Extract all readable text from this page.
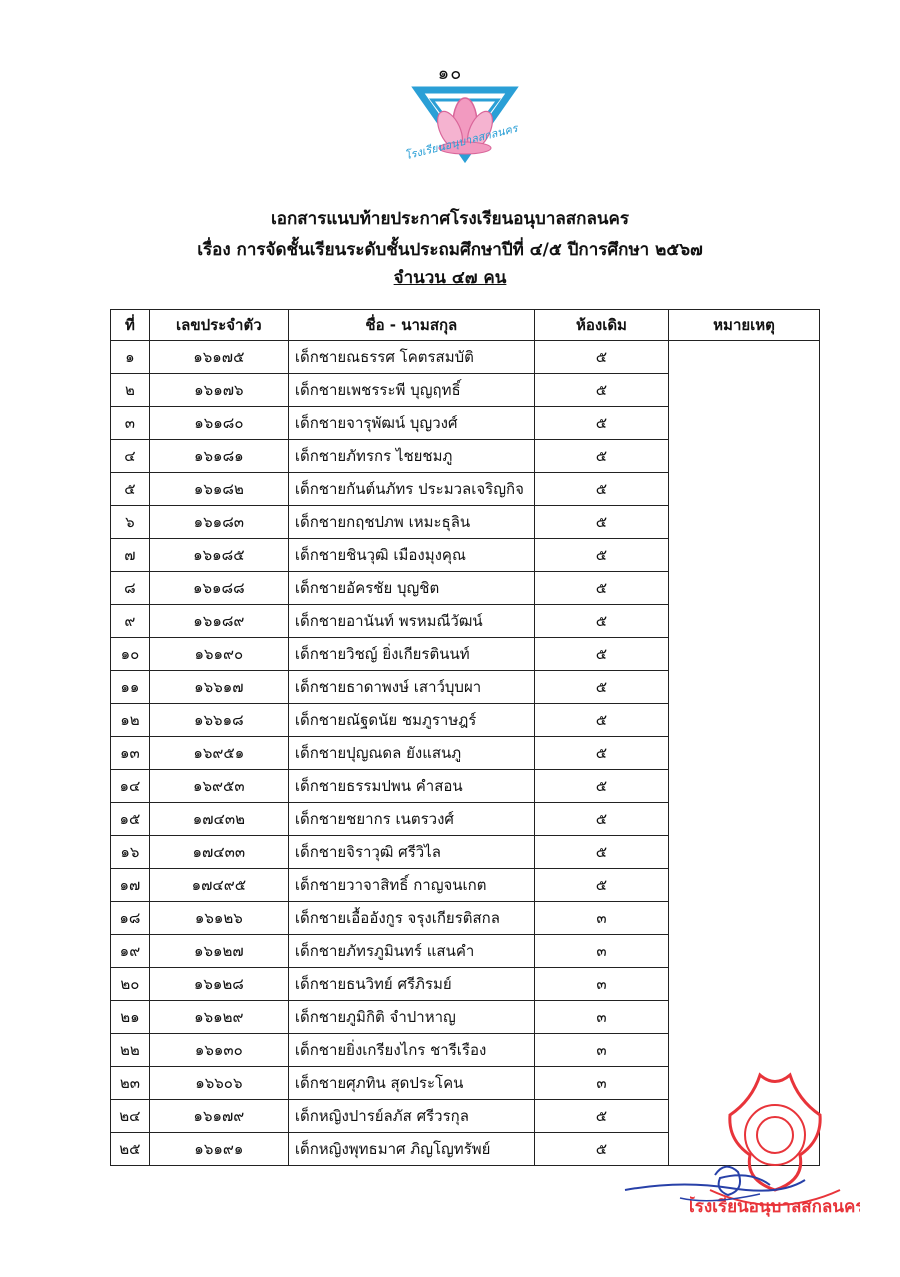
๑๐
โรงเรียนอนุบาลสกลนคร
เอกสารแนบท้ายประกาศโรงเรียนอนุบาลสกลนคร
เรื่อง การจัดชั้นเรียนระดับชั้นประถมศึกษาปีที่ ๔/๕ ปีการศึกษา ๒๕๖๗
จำนวน ๔๗ คน
ที่	เลขประจำตัว	ชื่อ - นามสกุล	ห้องเดิม	หมายเหตุ
๑	๑๖๑๗๕	เด็กชายณธรรศ โคตรสมบัติ	๕	
๒	๑๖๑๗๖	เด็กชายเพชรระพี บุญฤทธิ์	๕	
๓	๑๖๑๘๐	เด็กชายจารุพัฒน์ บุญวงศ์	๕	
๔	๑๖๑๘๑	เด็กชายภัทรกร ไชยชมภู	๕	
๕	๑๖๑๘๒	เด็กชายกันต์นภัทร ประมวลเจริญกิจ	๕	
๖	๑๖๑๘๓	เด็กชายกฤชปภพ เหมะธุลิน	๕	
๗	๑๖๑๘๕	เด็กชายชินวุฒิ เมืองมุงคุณ	๕	
๘	๑๖๑๘๘	เด็กชายอัครชัย บุญชิต	๕	
๙	๑๖๑๘๙	เด็กชายอานันท์ พรหมณีวัฒน์	๕	
๑๐	๑๖๑๙๐	เด็กชายวิชญ์ ยิ่งเกียรตินนท์	๕	
๑๑	๑๖๖๑๗	เด็กชายธาดาพงษ์ เสาว์บุบผา	๕	
๑๒	๑๖๖๑๘	เด็กชายณัฐดนัย ชมภูราษฎร์	๕	
๑๓	๑๖๙๕๑	เด็กชายปุญณดล ยังแสนภู	๕	
๑๔	๑๖๙๕๓	เด็กชายธรรมปพน คำสอน	๕	
๑๕	๑๗๔๓๒	เด็กชายชยากร เนตรวงศ์	๕	
๑๖	๑๗๔๓๓	เด็กชายจิราวุฒิ ศรีวิไล	๕	
๑๗	๑๗๔๙๕	เด็กชายวาจาสิทธิ์ กาญจนเกต	๕	
๑๘	๑๖๑๒๖	เด็กชายเอื้ออังกูร จรุงเกียรติสกล	๓	
๑๙	๑๖๑๒๗	เด็กชายภัทรภูมินทร์ แสนคำ	๓	
๒๐	๑๖๑๒๘	เด็กชายธนวิทย์ ศรีภิรมย์	๓	
๒๑	๑๖๑๒๙	เด็กชายภูมิกิติ จำปาหาญ	๓	
๒๒	๑๖๑๓๐	เด็กชายยิ่งเกรียงไกร ชารีเรือง	๓	
๒๓	๑๖๖๐๖	เด็กชายศุภทิน สุดประโคน	๓	
๒๔	๑๖๑๗๙	เด็กหญิงปารย์ลภัส ศรีวรกุล	๕	
๒๕	๑๖๑๙๑	เด็กหญิงพุทธมาศ ภิญโญทรัพย์	๕	
โรงเรียนอนุบาลสกลนคร
